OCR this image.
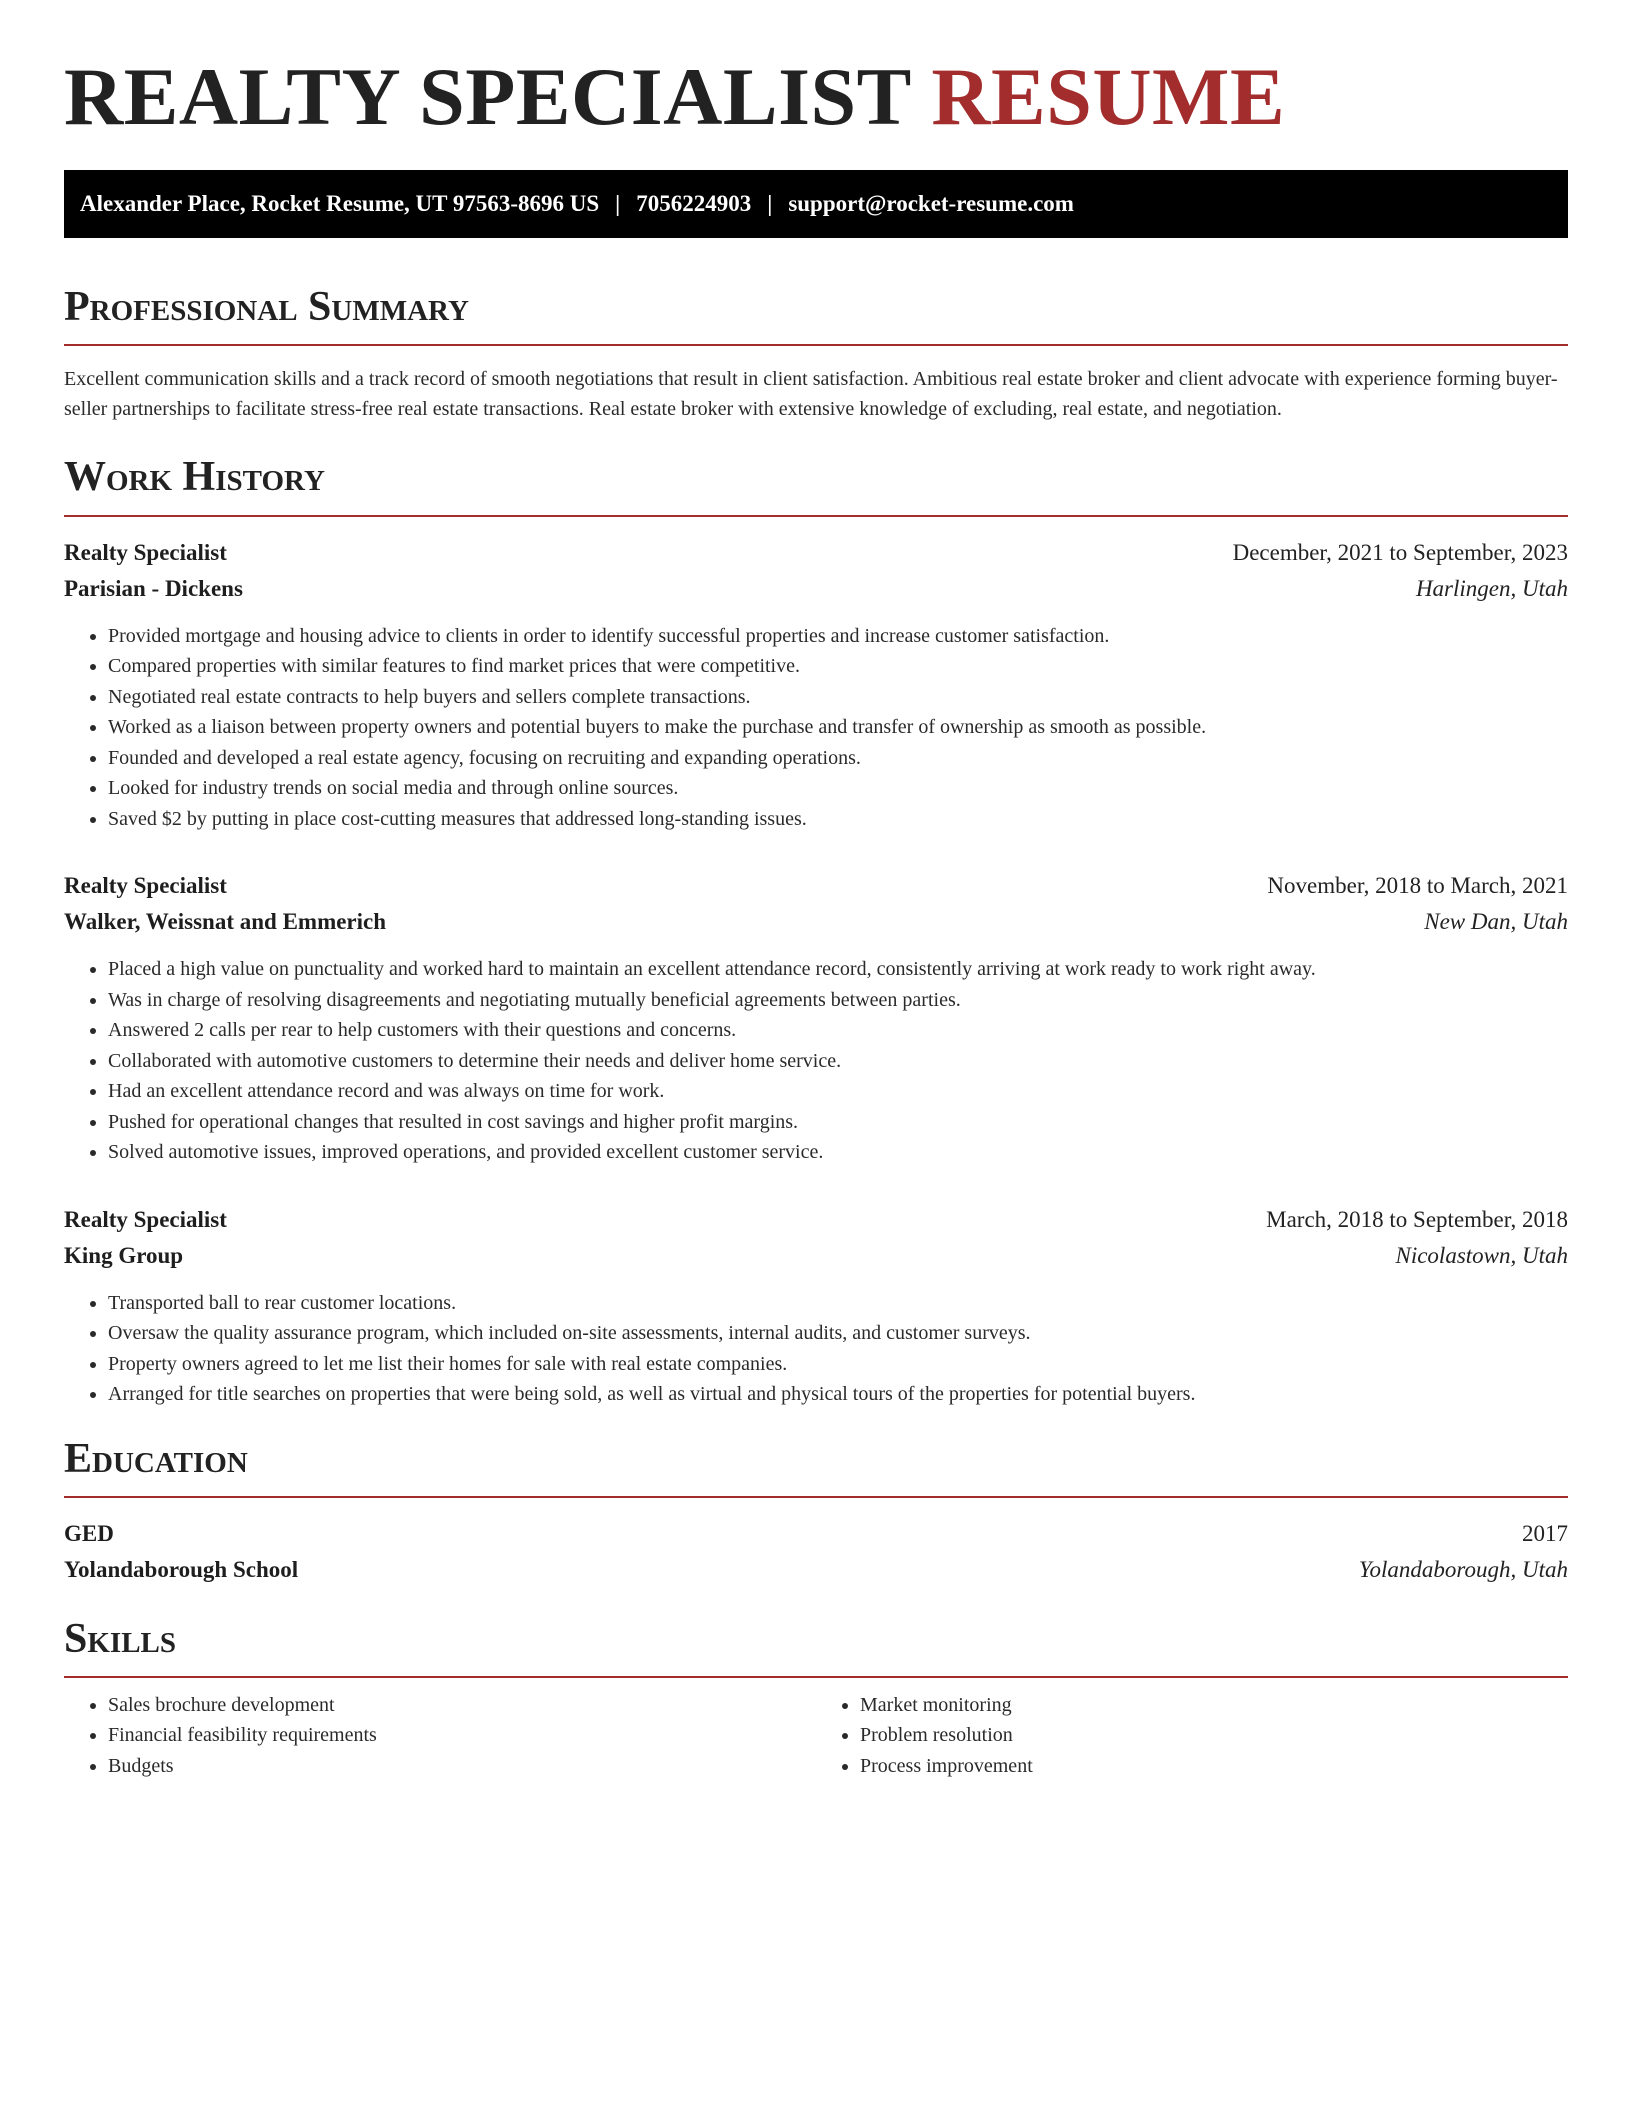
REALTY SPECIALIST RESUME
Alexander Place, Rocket Resume, UT 97563-8696 US | 7056224903 | support@rocket-resume.com
Professional Summary

Excellent communication skills and a track record of smooth negotiations that result in client satisfaction. Ambitious real estate broker and client advocate with experience forming buyer-seller partnerships to facilitate stress-free real estate transactions. Real estate broker with extensive knowledge of excluding, real estate, and negotiation.

Work History
Realty Specialist	December, 2021 to September, 2023
Parisian - Dickens	Harlingen, Utah
• Provided mortgage and housing advice to clients in order to identify successful properties and increase customer satisfaction.
• Compared properties with similar features to find market prices that were competitive.
• Negotiated real estate contracts to help buyers and sellers complete transactions.
• Worked as a liaison between property owners and potential buyers to make the purchase and transfer of ownership as smooth as possible.
• Founded and developed a real estate agency, focusing on recruiting and expanding operations.
• Looked for industry trends on social media and through online sources.
• Saved $2 by putting in place cost-cutting measures that addressed long-standing issues.
Realty Specialist	November, 2018 to March, 2021
Walker, Weissnat and Emmerich	New Dan, Utah
• Placed a high value on punctuality and worked hard to maintain an excellent attendance record, consistently arriving at work ready to work right away.
• Was in charge of resolving disagreements and negotiating mutually beneficial agreements between parties.
• Answered 2 calls per rear to help customers with their questions and concerns.
• Collaborated with automotive customers to determine their needs and deliver home service.
• Had an excellent attendance record and was always on time for work.
• Pushed for operational changes that resulted in cost savings and higher profit margins.
• Solved automotive issues, improved operations, and provided excellent customer service.
Realty Specialist	March, 2018 to September, 2018
King Group	Nicolastown, Utah
• Transported ball to rear customer locations.
• Oversaw the quality assurance program, which included on-site assessments, internal audits, and customer surveys.
• Property owners agreed to let me list their homes for sale with real estate companies.
• Arranged for title searches on properties that were being sold, as well as virtual and physical tours of the properties for potential buyers.
Education
GED	2017
Yolandaborough School	Yolandaborough, Utah
Skills
• Sales brochure development
• Financial feasibility requirements
• Budgets
• Market monitoring
• Problem resolution
• Process improvement
